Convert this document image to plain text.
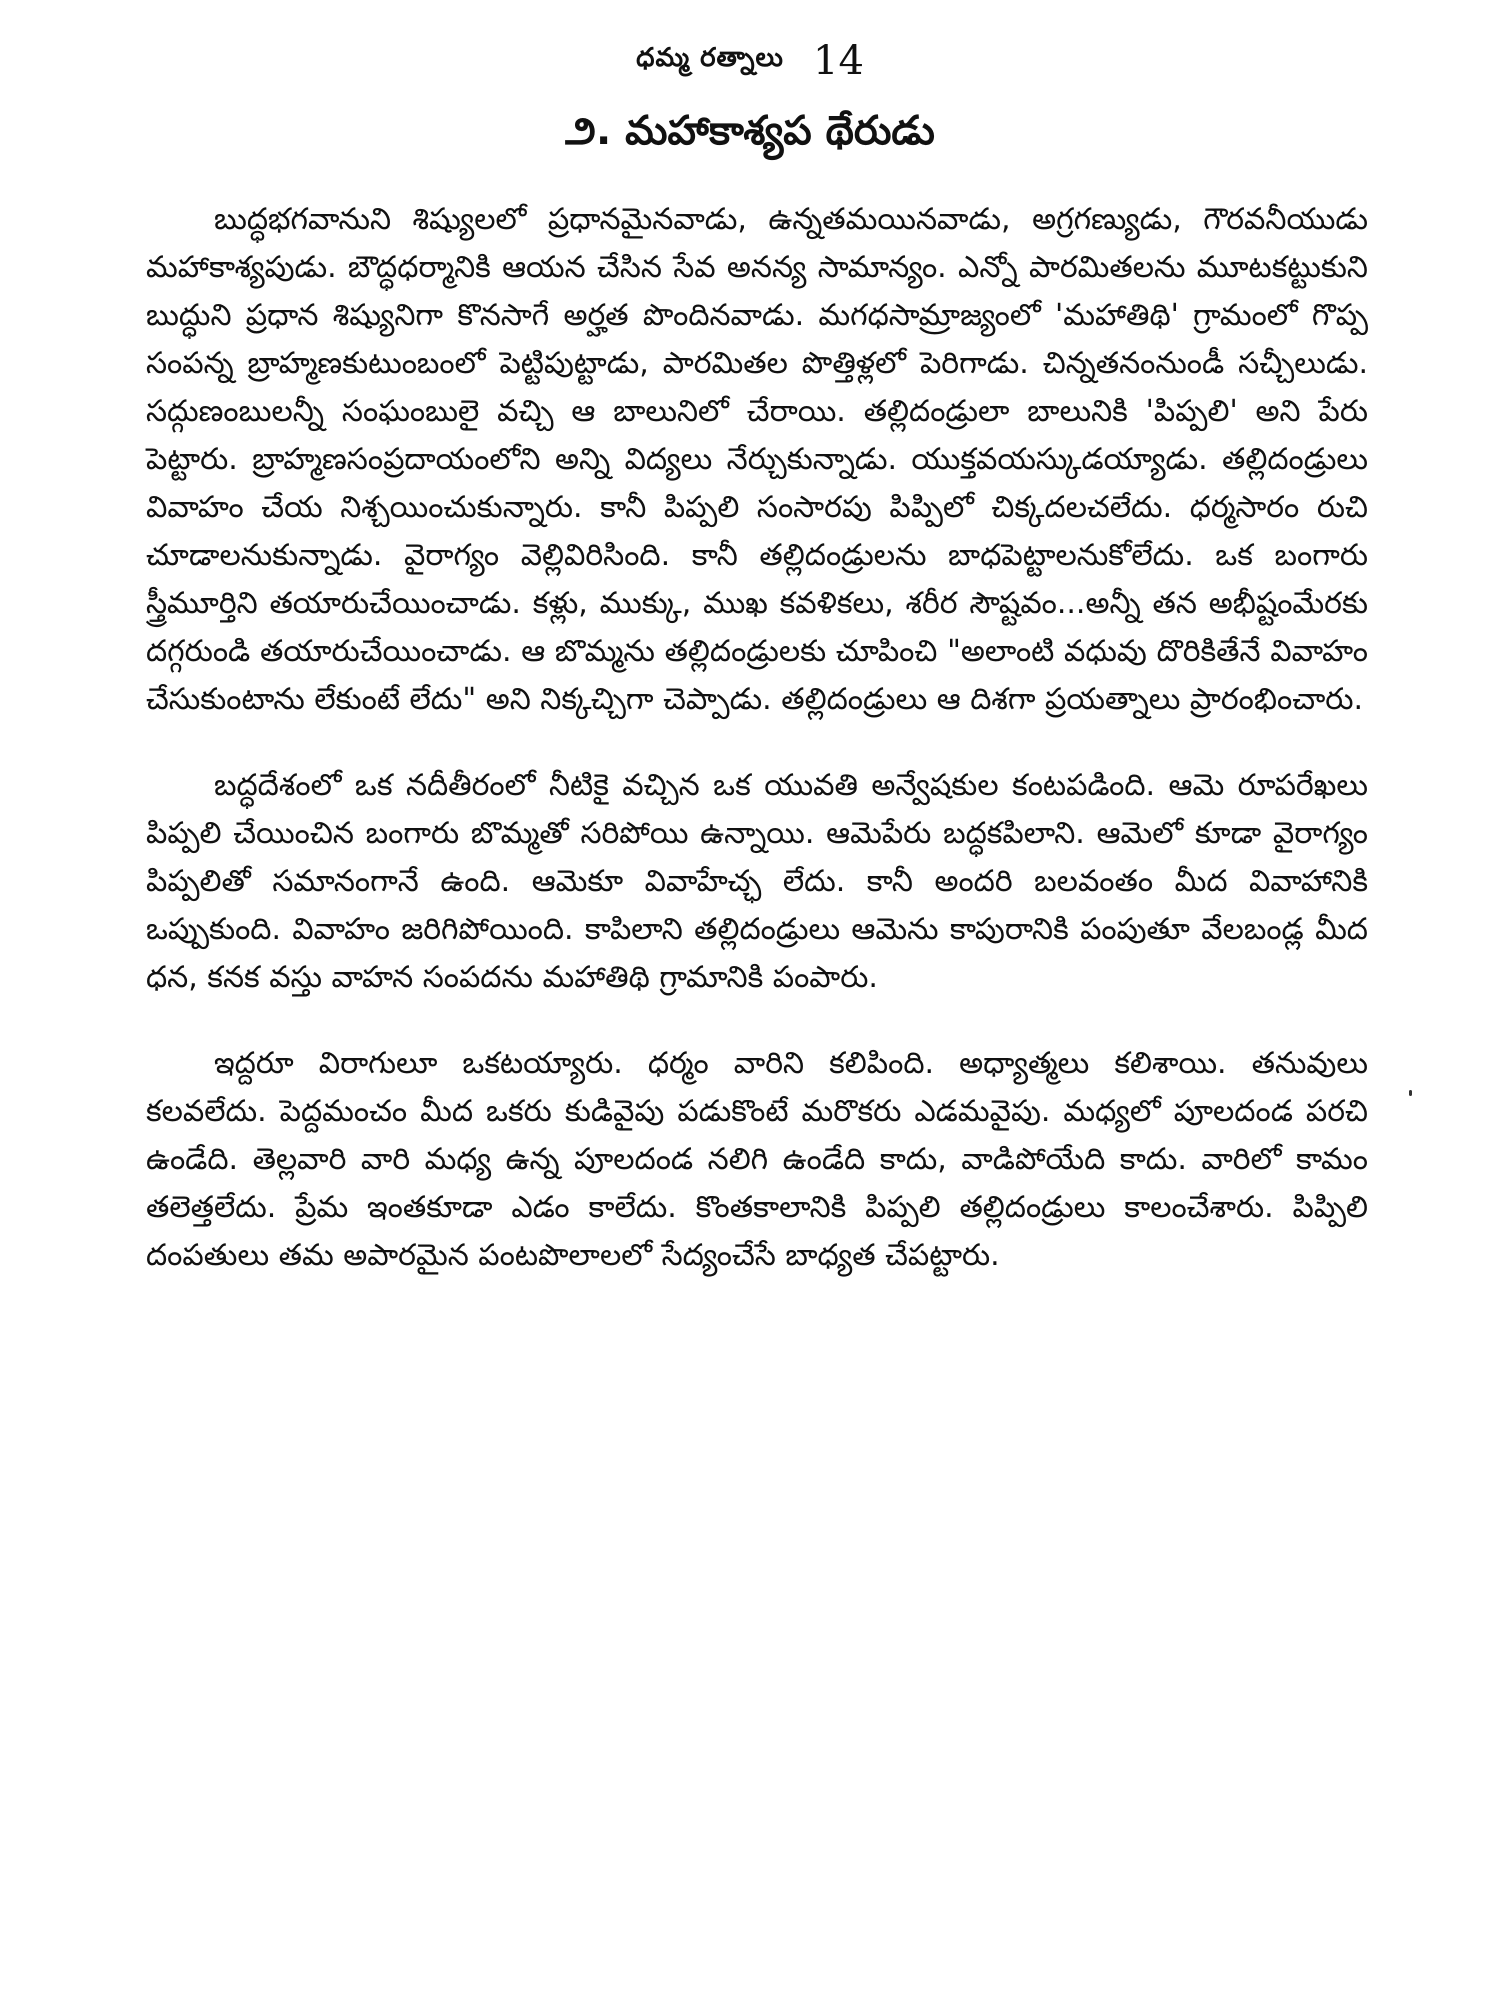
ధమ్మ రత్నాలు 14
౨. మహాకాశ్యప థేరుడు

బుద్ధభగవానుని శిష్యులలో ప్రధానమైనవాడు, ఉన్నతమయినవాడు, అగ్రగణ్యుడు, గౌరవనీయుడు మహాకాశ్యపుడు. బౌద్ధధర్మానికి ఆయన చేసిన సేవ అనన్య సామాన్యం. ఎన్నో పారమితలను మూటకట్టుకుని బుద్ధుని ప్రధాన శిష్యునిగా కొనసాగే అర్హత పొందినవాడు. మగధసామ్రాజ్యంలో 'మహాతిథి' గ్రామంలో గొప్ప సంపన్న బ్రాహ్మణకుటుంబంలో పెట్టిపుట్టాడు, పారమితల పొత్తిళ్లలో పెరిగాడు. చిన్నతనంనుండీ సచ్చీలుడు. సద్గుణంబులన్నీ సంఘంబులై వచ్చి ఆ బాలునిలో చేరాయి. తల్లిదండ్రులా బాలునికి 'పిప్పలి' అని పేరు పెట్టారు. బ్రాహ్మణసంప్రదాయంలోని అన్ని విద్యలు నేర్చుకున్నాడు. యుక్తవయస్కుడయ్యాడు. తల్లిదండ్రులు వివాహం చేయ నిశ్చయించుకున్నారు. కానీ పిప్పలి సంసారపు పిప్పిలో చిక్కదలచలేదు. ధర్మసారం రుచి చూడాలనుకున్నాడు. వైరాగ్యం వెల్లివిరిసింది. కానీ తల్లిదండ్రులను బాధపెట్టాలనుకోలేదు. ఒక బంగారు స్త్రీమూర్తిని తయారుచేయించాడు. కళ్లు, ముక్కు, ముఖ కవళికలు, శరీర సౌష్టవం...అన్నీ తన అభీష్టంమేరకు దగ్గరుండి తయారుచేయించాడు. ఆ బొమ్మను తల్లిదండ్రులకు చూపించి "అలాంటి వధువు దొరికితేనే వివాహం చేసుకుంటాను లేకుంటే లేదు" అని నిక్కచ్చిగా చెప్పాడు. తల్లిదండ్రులు ఆ దిశగా ప్రయత్నాలు ప్రారంభించారు.

బద్ధదేశంలో ఒక నదీతీరంలో నీటికై వచ్చిన ఒక యువతి అన్వేషకుల కంటపడింది. ఆమె రూపరేఖలు పిప్పలి చేయించిన బంగారు బొమ్మతో సరిపోయి ఉన్నాయి. ఆమెపేరు బద్ధకపిలాని. ఆమెలో కూడా వైరాగ్యం పిప్పలితో సమానంగానే ఉంది. ఆమెకూ వివాహేచ్ఛ లేదు. కానీ అందరి బలవంతం మీద వివాహానికి ఒప్పుకుంది. వివాహం జరిగిపోయింది. కాపిలాని తల్లిదండ్రులు ఆమెను కాపురానికి పంపుతూ వేలబండ్ల మీద ధన, కనక వస్తు వాహన సంపదను మహాతిథి గ్రామానికి పంపారు.

ఇద్దరూ విరాగులూ ఒకటయ్యారు. ధర్మం వారిని కలిపింది. అధ్యాత్మలు కలిశాయి. తనువులు కలవలేదు. పెద్దమంచం మీద ఒకరు కుడివైపు పడుకొంటే మరొకరు ఎడమవైపు. మధ్యలో పూలదండ పరచి ఉండేది. తెల్లవారి వారి మధ్య ఉన్న పూలదండ నలిగి ఉండేది కాదు, వాడిపోయేది కాదు. వారిలో కామం తలెత్తలేదు. ప్రేమ ఇంతకూడా ఎడం కాలేదు. కొంతకాలానికి పిప్పలి తల్లిదండ్రులు కాలంచేశారు. పిప్పిలి దంపతులు తమ అపారమైన పంటపొలాలలో సేద్యంచేసే బాధ్యత చేపట్టారు.
